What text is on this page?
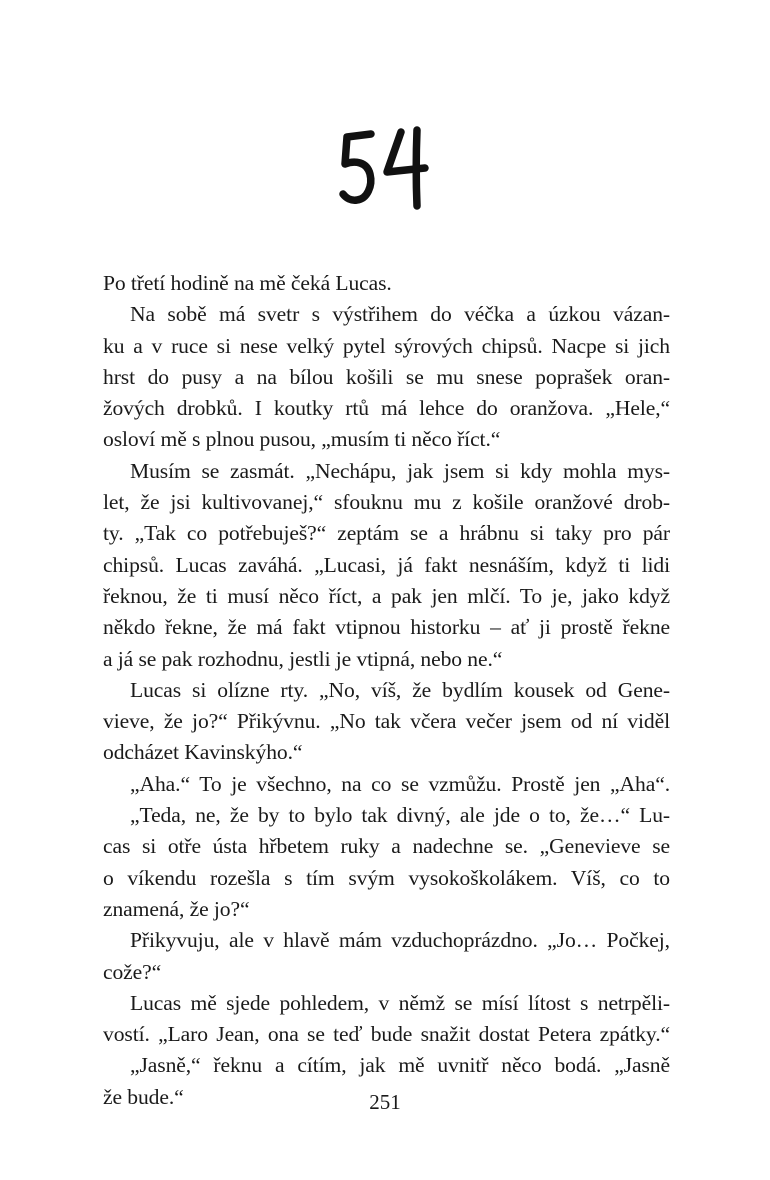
Po třetí hodině na mě čeká Lucas.
Na sobě má svetr s výstřihem do véčka a úzkou vázan-
ku a v ruce si nese velký pytel sýrových chipsů. Nacpe si jich
hrst do pusy a na bílou košili se mu snese poprašek oran-
žových drobků. I koutky rtů má lehce do oranžova. „Hele,“
osloví mě s plnou pusou, „musím ti něco říct.“
Musím se zasmát. „Nechápu, jak jsem si kdy mohla mys-
let, že jsi kultivovanej,“ sfouknu mu z košile oranžové drob-
ty. „Tak co potřebuješ?“ zeptám se a hrábnu si taky pro pár
chipsů. Lucas zaváhá. „Lucasi, já fakt nesnáším, když ti lidi
řeknou, že ti musí něco říct, a pak jen mlčí. To je, jako když
někdo řekne, že má fakt vtipnou historku – ať ji prostě řekne
a já se pak rozhodnu, jestli je vtipná, nebo ne.“
Lucas si olízne rty. „No, víš, že bydlím kousek od Gene-
vieve, že jo?“ Přikývnu. „No tak včera večer jsem od ní viděl
odcházet Kavinskýho.“
„Aha.“ To je všechno, na co se vzmůžu. Prostě jen „Aha“.
„Teda, ne, že by to bylo tak divný, ale jde o to, že…“ Lu-
cas si otře ústa hřbetem ruky a nadechne se. „Genevieve se
o víkendu rozešla s tím svým vysokoškolákem. Víš, co to
znamená, že jo?“
Přikyvuju, ale v hlavě mám vzduchoprázdno. „Jo… Počkej,
cože?“
Lucas mě sjede pohledem, v němž se mísí lítost s netrpěli-
vostí. „Laro Jean, ona se teď bude snažit dostat Petera zpátky.“
„Jasně,“ řeknu a cítím, jak mě uvnitř něco bodá. „Jasně
že bude.“	251
